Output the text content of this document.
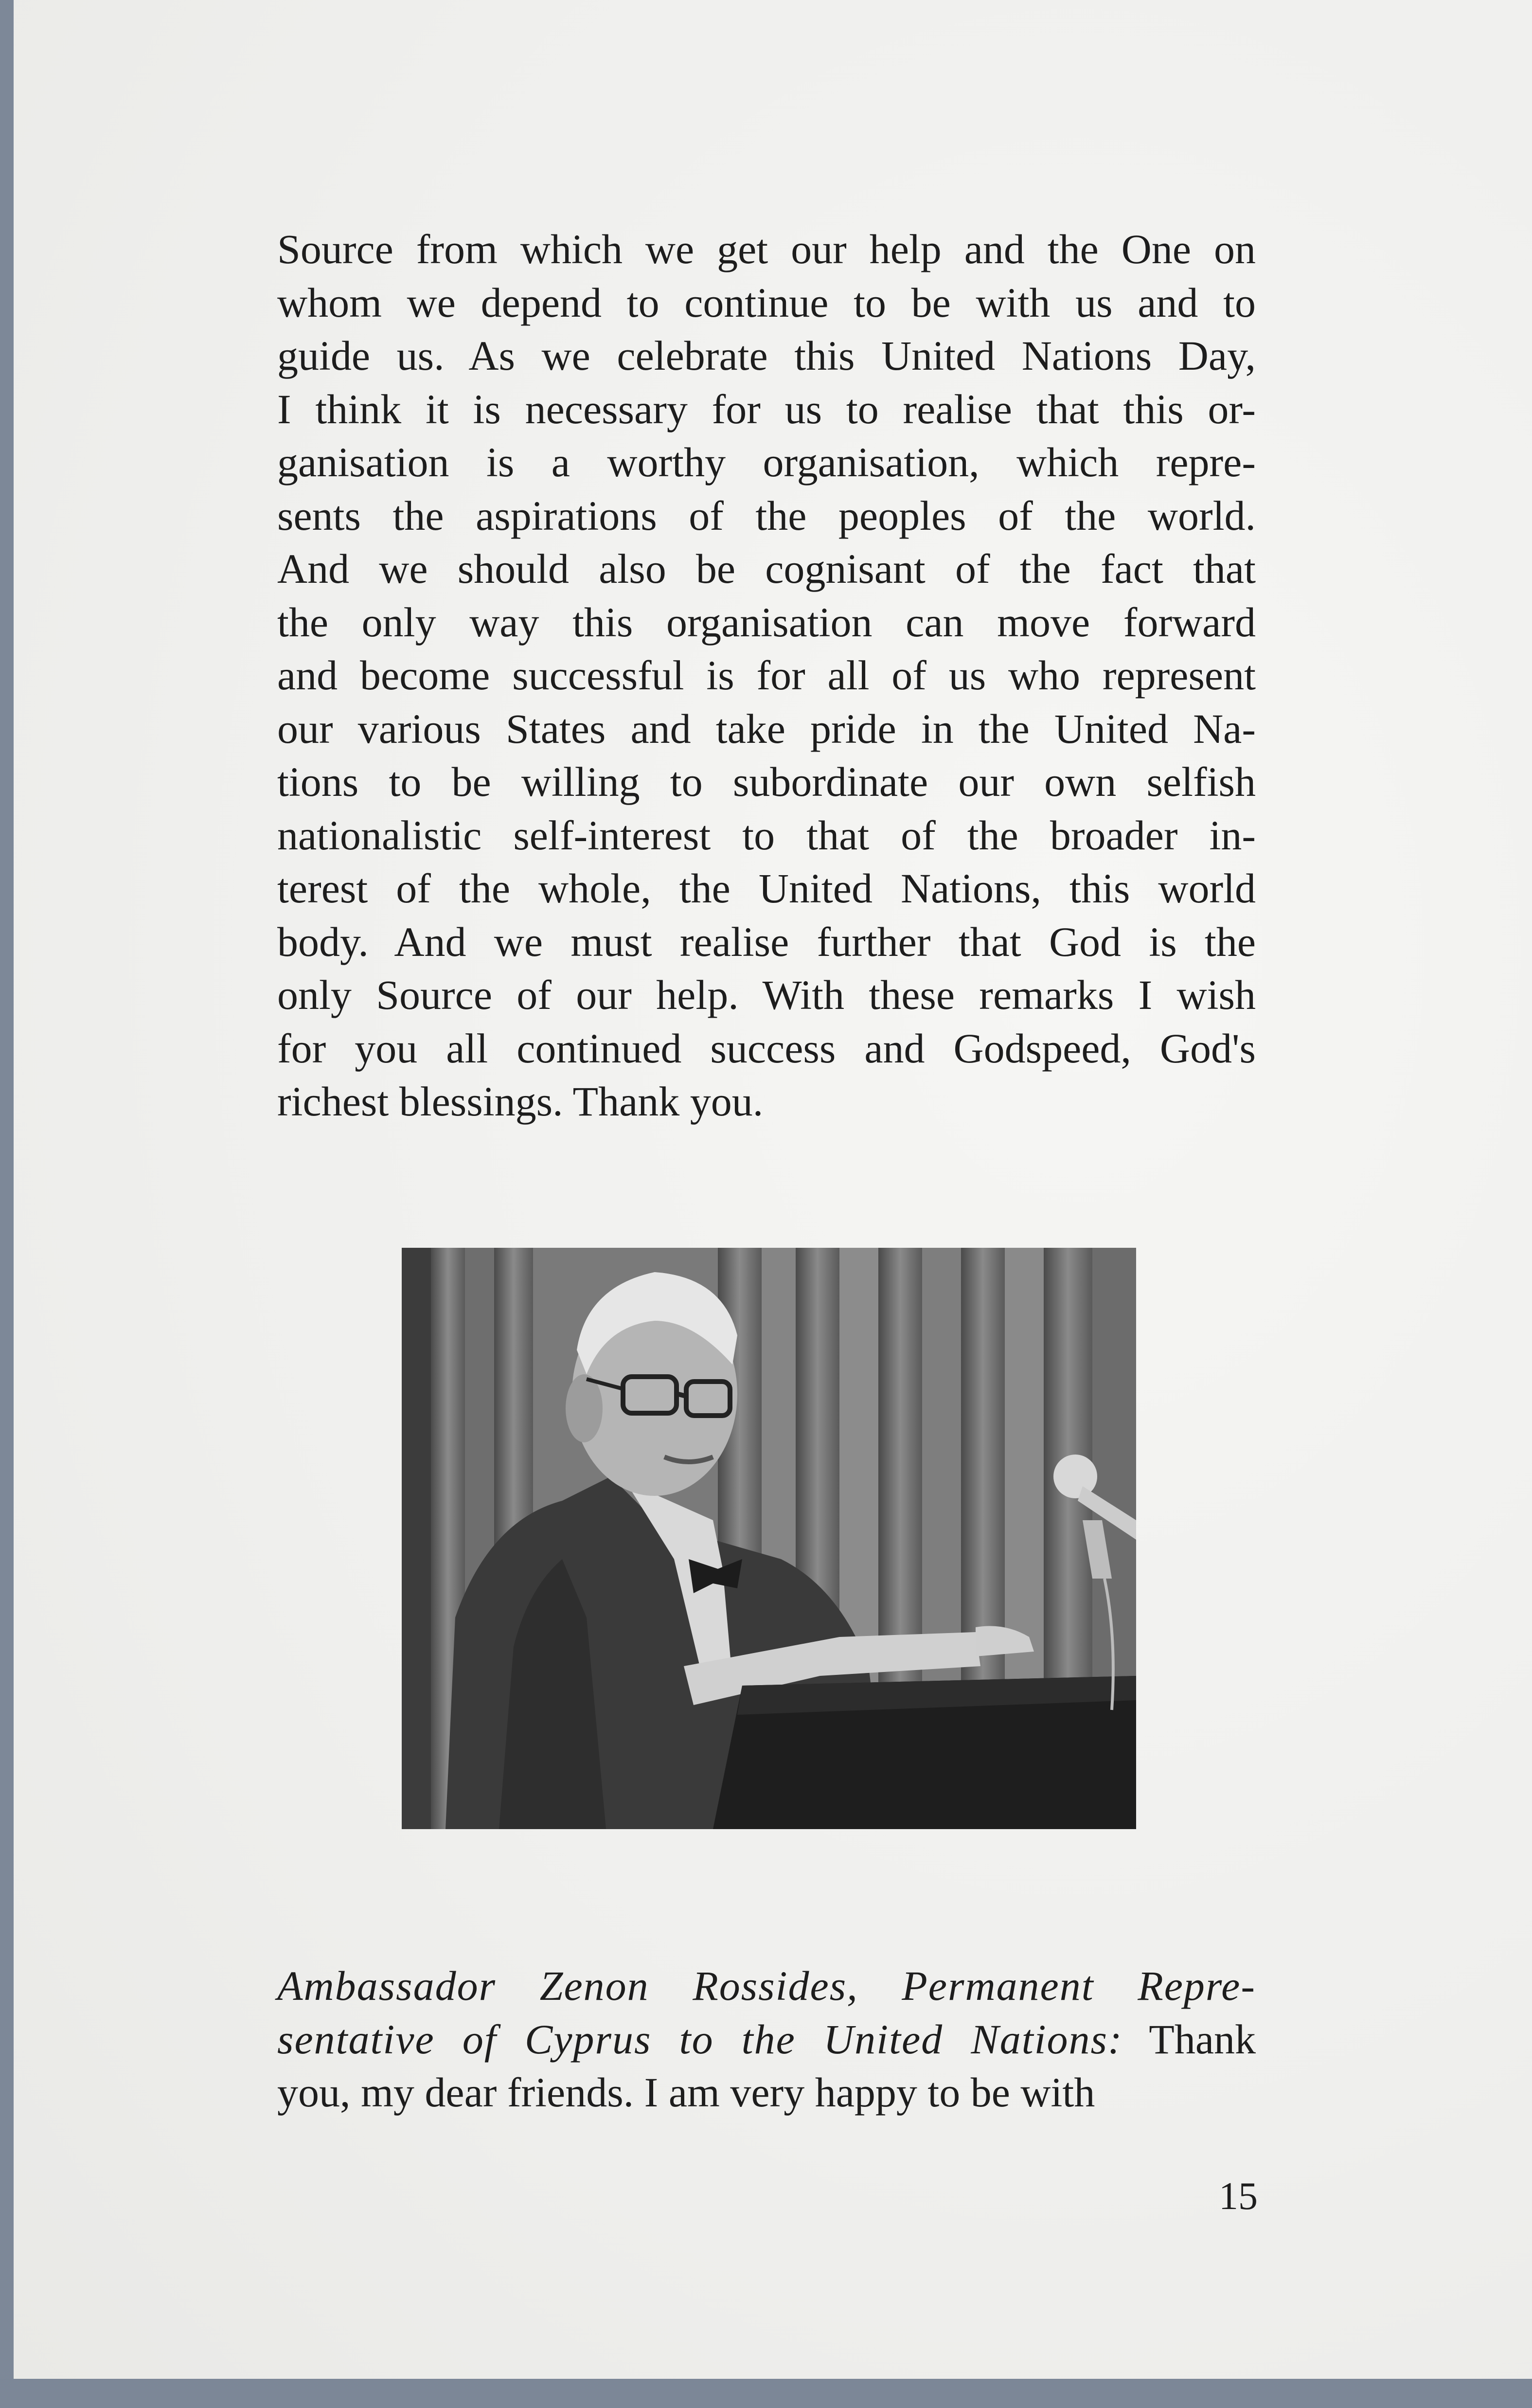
Source from which we get our help and the One on
whom we depend to continue to be with us and to
guide us. As we celebrate this United Nations Day,
I think it is necessary for us to realise that this or-
ganisation is a worthy organisation, which repre-
sents the aspirations of the peoples of the world.
And we should also be cognisant of the fact that
the only way this organisation can move forward
and become successful is for all of us who represent
our various States and take pride in the United Na-
tions to be willing to subordinate our own selfish
nationalistic self-interest to that of the broader in-
terest of the whole, the United Nations, this world
body. And we must realise further that God is the
only Source of our help. With these remarks I wish
for you all continued success and Godspeed, God's
richest blessings. Thank you.
Ambassador Zenon Rossides, Permanent Repre-
sentative of Cyprus to the United Nations: Thank
you, my dear friends. I am very happy to be with
15
